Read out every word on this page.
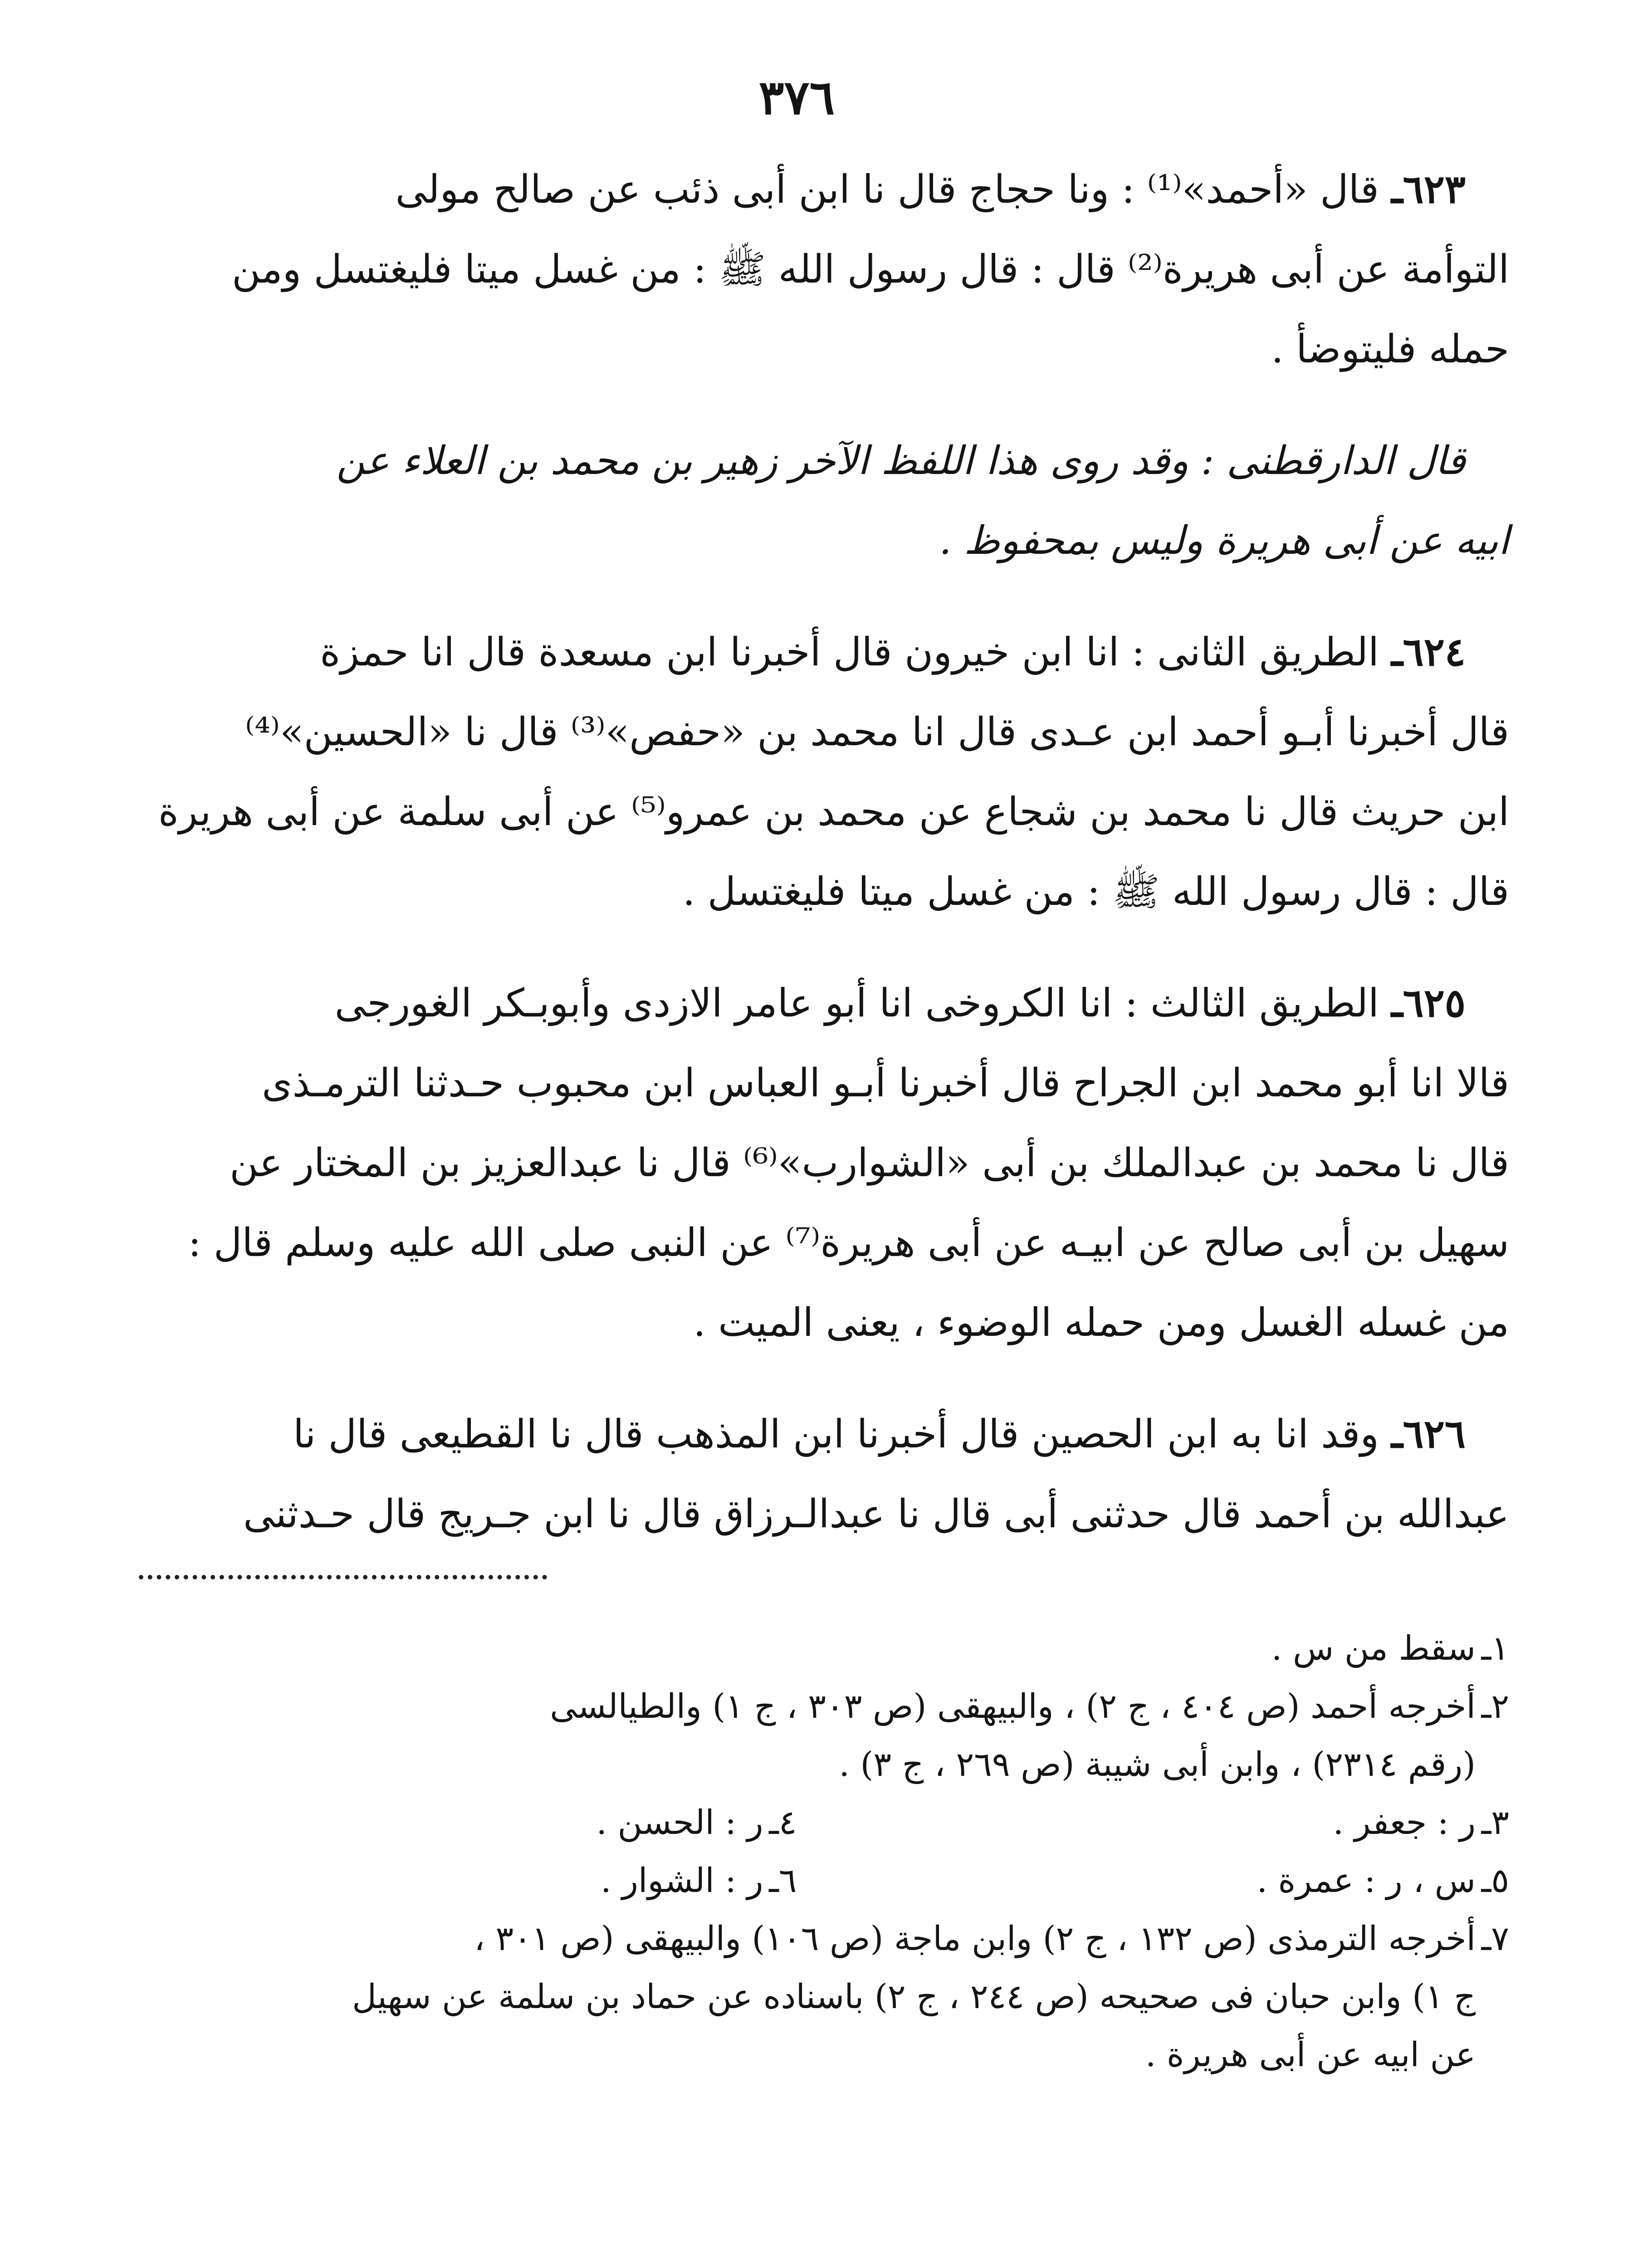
٣٧٦
٦٢٣ـ قال «أحمد»⁽¹⁾ : ونا حجاج قال نا ابن أبى ذئب عن صالح مولى
التوأمة عن أبى هريرة⁽²⁾ قال : قال رسول الله ﷺ : من غسل ميتا فليغتسل ومن
حمله فليتوضأ .
قال الدارقطنى : وقد روى هذا اللفظ الآخر زهير بن محمد بن العلاء عن
ابيه عن أبى هريرة وليس بمحفوظ .
٦٢٤ـ الطريق الثانى : انا ابن خيرون قال أخبرنا ابن مسعدة قال انا حمزة
قال أخبرنا أبـو أحمد ابن عـدى قال انا محمد بن «حفص»⁽³⁾ قال نا «الحسين»⁽⁴⁾
ابن حريث قال نا محمد بن شجاع عن محمد بن عمرو⁽⁵⁾ عن أبى سلمة عن أبى هريرة
قال : قال رسول الله ﷺ : من غسل ميتا فليغتسل .
٦٢٥ـ الطريق الثالث : انا الكروخى انا أبو عامر الازدى وأبوبـكر الغورجى
قالا انا أبو محمد ابن الجراح قال أخبرنا أبـو العباس ابن محبوب حـدثنا الترمـذى
قال نا محمد بن عبدالملك بن أبى «الشوارب»⁽⁶⁾ قال نا عبدالعزيز بن المختار عن
سهيل بن أبى صالح عن ابيـه عن أبى هريرة⁽⁷⁾ عن النبى صلى الله عليه وسلم قال :
من غسله الغسل ومن حمله الوضوء ، يعنى الميت .
٦٢٦ـ وقد انا به ابن الحصين قال أخبرنا ابن المذهب قال نا القطيعى قال نا
عبدالله بن أحمد قال حدثنى أبى قال نا عبدالـرزاق قال نا ابن جـريج قال حـدثنى
١ـ
سقط من س .
٢ـ
أخرجه أحمد (ص ٤٠٤ ، ج ٢) ، والبيهقى (ص ٣٠٣ ، ج ١) والطيالسى
(رقم ٢٣١٤) ، وابن أبى شيبة (ص ٢٦٩ ، ج ٣) .
٣ـ
ر : جعفر .
٤ـ
ر : الحسن .
٥ـ
س ، ر : عمرة .
٦ـ
ر : الشوار .
٧ـ
أخرجه الترمذى (ص ١٣٢ ، ج ٢) وابن ماجة (ص ١٠٦) والبيهقى (ص ٣٠١ ،
ج ١) وابن حبان فى صحيحه (ص ٢٤٤ ، ج ٢) باسناده عن حماد بن سلمة عن سهيل
عن ابيه عن أبى هريرة .
